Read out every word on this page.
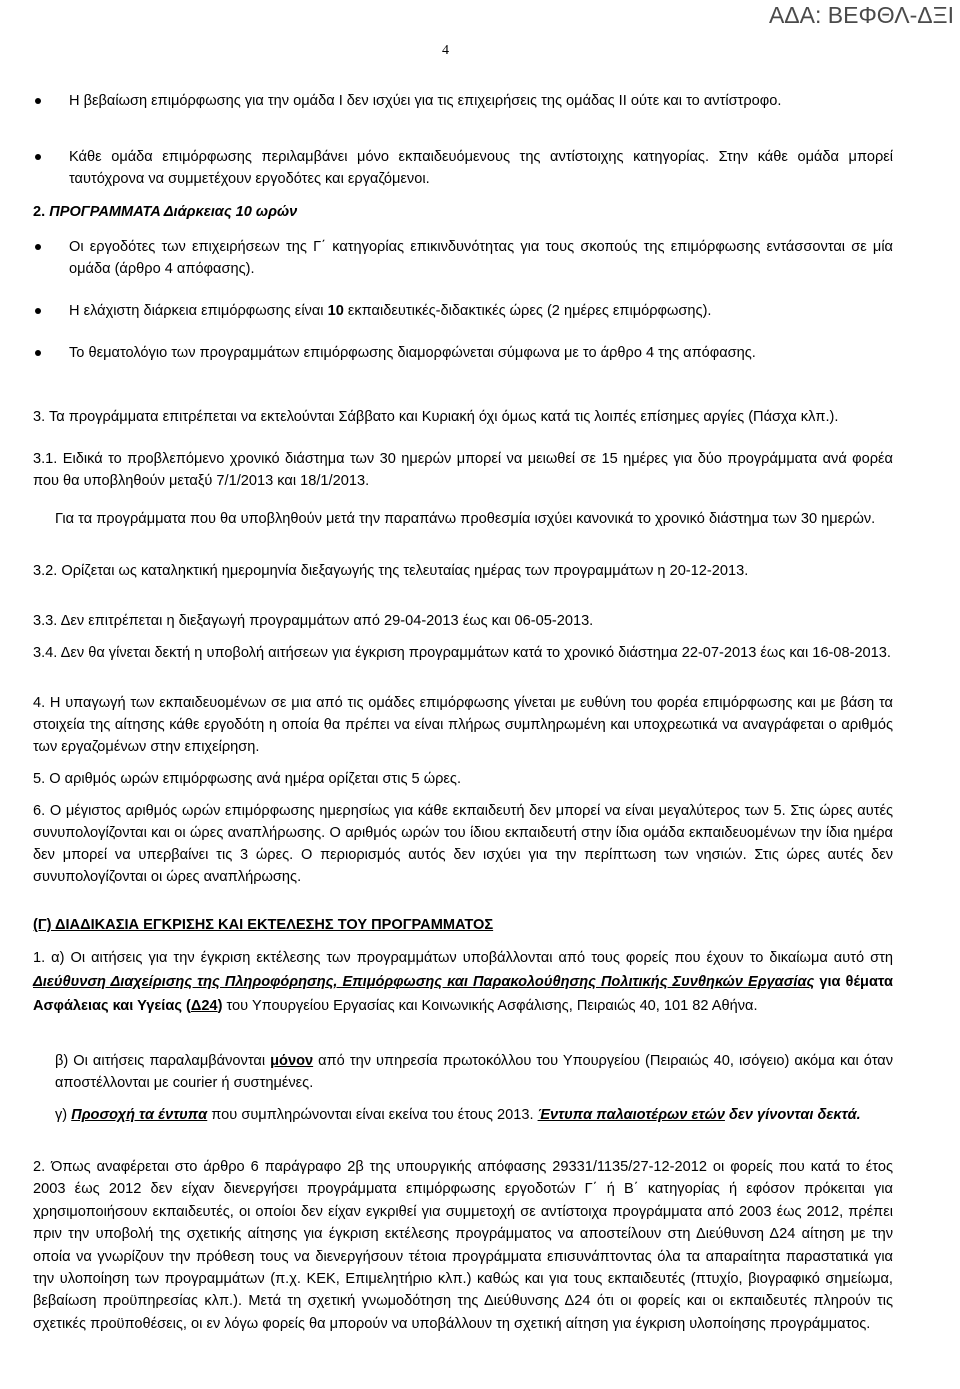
ΑΔΑ: ΒΕΦΘΛ-ΔΞΙ
4
Η βεβαίωση επιμόρφωσης για την ομάδα I δεν ισχύει για τις επιχειρήσεις της ομάδας II ούτε και το αντίστροφο.
Κάθε ομάδα επιμόρφωσης περιλαμβάνει μόνο εκπαιδευόμενους της αντίστοιχης κατηγορίας. Στην κάθε ομάδα μπορεί ταυτόχρονα να συμμετέχουν εργοδότες και εργαζόμενοι.
2. ΠΡΟΓΡΑΜΜΑΤΑ Διάρκειας 10 ωρών
Οι εργοδότες των επιχειρήσεων της Γ΄ κατηγορίας επικινδυνότητας για τους σκοπούς της επιμόρφωσης εντάσσονται σε μία ομάδα (άρθρο 4 απόφασης).
Η ελάχιστη διάρκεια επιμόρφωσης είναι 10 εκπαιδευτικές-διδακτικές ώρες (2 ημέρες επιμόρφωσης).
Το θεματολόγιο των προγραμμάτων επιμόρφωσης διαμορφώνεται σύμφωνα με το άρθρο 4 της απόφασης.
3. Τα προγράμματα επιτρέπεται να εκτελούνται Σάββατο και Κυριακή όχι όμως κατά τις λοιπές επίσημες αργίες (Πάσχα κλπ.).
3.1. Ειδικά το προβλεπόμενο χρονικό διάστημα των 30 ημερών μπορεί να μειωθεί σε 15 ημέρες για δύο προγράμματα ανά φορέα που θα υποβληθούν μεταξύ 7/1/2013 και 18/1/2013.
Για τα προγράμματα που θα υποβληθούν μετά την παραπάνω προθεσμία ισχύει κανονικά το χρονικό διάστημα των 30 ημερών.
3.2. Ορίζεται ως καταληκτική ημερομηνία διεξαγωγής της τελευταίας ημέρας των προγραμμάτων η 20-12-2013.
3.3. Δεν επιτρέπεται η διεξαγωγή προγραμμάτων από 29-04-2013 έως και 06-05-2013.
3.4. Δεν θα γίνεται δεκτή η υποβολή αιτήσεων για έγκριση προγραμμάτων κατά το χρονικό διάστημα 22-07-2013 έως και 16-08-2013.
4. Η υπαγωγή των εκπαιδευομένων σε μια από τις ομάδες επιμόρφωσης γίνεται με ευθύνη του φορέα επιμόρφωσης και με βάση τα στοιχεία της αίτησης κάθε εργοδότη η οποία θα πρέπει να είναι πλήρως συμπληρωμένη και υποχρεωτικά να αναγράφεται ο αριθμός των εργαζομένων στην επιχείρηση.
5. Ο αριθμός ωρών επιμόρφωσης ανά ημέρα ορίζεται στις 5 ώρες.
6. Ο μέγιστος αριθμός ωρών επιμόρφωσης ημερησίως για κάθε εκπαιδευτή δεν μπορεί να είναι μεγαλύτερος των 5. Στις ώρες αυτές συνυπολογίζονται και οι ώρες αναπλήρωσης. Ο αριθμός ωρών του ίδιου εκπαιδευτή στην ίδια ομάδα εκπαιδευομένων την ίδια ημέρα δεν μπορεί να υπερβαίνει τις 3 ώρες. Ο περιορισμός αυτός δεν ισχύει για την περίπτωση των νησιών. Στις ώρες αυτές δεν συνυπολογίζονται οι ώρες αναπλήρωσης.
(Γ) ΔΙΑΔΙΚΑΣΙΑ ΕΓΚΡΙΣΗΣ ΚΑΙ ΕΚΤΕΛΕΣΗΣ ΤΟΥ ΠΡΟΓΡΑΜΜΑΤΟΣ
1. α) Οι αιτήσεις για την έγκριση εκτέλεσης των προγραμμάτων υποβάλλονται από τους φορείς που έχουν το δικαίωμα αυτό στη Διεύθυνση Διαχείρισης της Πληροφόρησης, Επιμόρφωσης και Παρακολούθησης Πολιτικής Συνθηκών Εργασίας για θέματα Ασφάλειας και Υγείας (Δ24) του Υπουργείου Εργασίας και Κοινωνικής Ασφάλισης, Πειραιώς 40, 101 82 Αθήνα.
β) Οι αιτήσεις παραλαμβάνονται μόνον από την υπηρεσία πρωτοκόλλου του Υπουργείου (Πειραιώς 40, ισόγειο) ακόμα και όταν αποστέλλονται με courier ή συστημένες.
γ) Προσοχή τα έντυπα που συμπληρώνονται είναι εκείνα του έτους 2013. Έντυπα παλαιοτέρων ετών δεν γίνονται δεκτά.
2. Όπως αναφέρεται στο άρθρο 6 παράγραφο 2β της υπουργικής απόφασης 29331/1135/27-12-2012 οι φορείς που κατά το έτος 2003 έως 2012 δεν είχαν διενεργήσει προγράμματα επιμόρφωσης εργοδοτών Γ΄ ή Β΄ κατηγορίας ή εφόσον πρόκειται για χρησιμοποιήσουν εκπαιδευτές, οι οποίοι δεν είχαν εγκριθεί για συμμετοχή σε αντίστοιχα προγράμματα από 2003 έως 2012, πρέπει πριν την υποβολή της σχετικής αίτησης για έγκριση εκτέλεσης προγράμματος να αποστείλουν στη Διεύθυνση Δ24 αίτηση με την οποία να γνωρίζουν την πρόθεση τους να διενεργήσουν τέτοια προγράμματα επισυνάπτοντας όλα τα απαραίτητα παραστατικά για την υλοποίηση των προγραμμάτων (π.χ. ΚΕΚ, Επιμελητήριο κλπ.) καθώς και για τους εκπαιδευτές (πτυχίο, βιογραφικό σημείωμα, βεβαίωση προϋπηρεσίας κλπ.). Μετά τη σχετική γνωμοδότηση της Διεύθυνσης Δ24 ότι οι φορείς και οι εκπαιδευτές πληρούν τις σχετικές προϋποθέσεις, οι εν λόγω φορείς θα μπορούν να υποβάλλουν τη σχετική αίτηση για έγκριση υλοποίησης προγράμματος.
